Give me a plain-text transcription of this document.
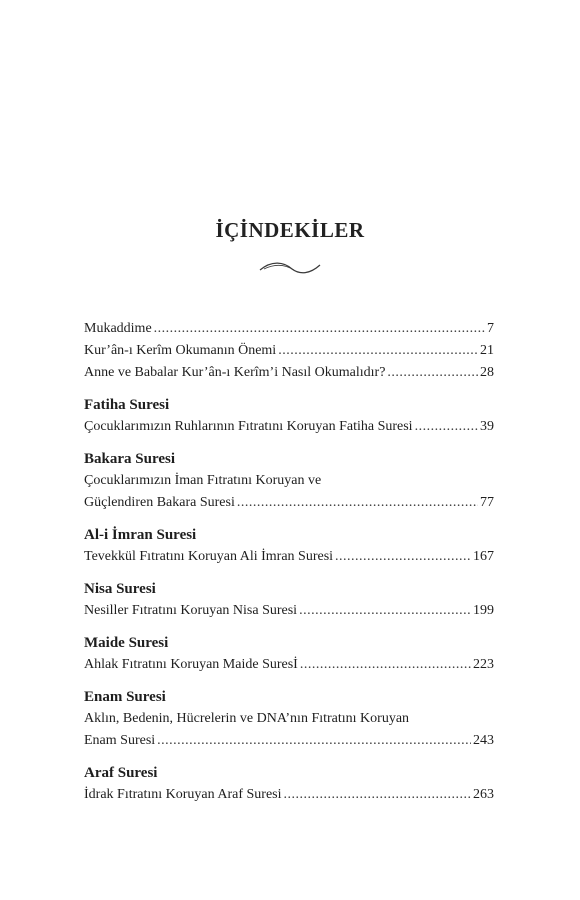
İÇİNDEKİLER
Mukaddime .....	7
Kur’ân-ı Kerîm Okumanın Önemi .....	21
Anne ve Babalar Kur’ân-ı Kerîm’i Nasıl Okumalıdır? .....	28
Fatiha Suresi
Çocuklarımızın Ruhlarının Fıtratını Koruyan Fatiha Suresi .....	39
Bakara Suresi
Çocuklarımızın İman Fıtratını Koruyan ve
Güçlendiren Bakara Suresi .....	77
Al-i İmran Suresi
Tevekkül Fıtratını Koruyan Ali İmran Suresi .....	167
Nisa Suresi
Nesiller Fıtratını Koruyan Nisa Suresi .....	199
Maide Suresi
Ahlak Fıtratını Koruyan Maide Suresİ .....	223
Enam Suresi
Aklın, Bedenin, Hücrelerin ve DNA’nın Fıtratını Koruyan
Enam Suresi .....	243
Araf Suresi
İdrak Fıtratını Koruyan Araf Suresi .....	263
